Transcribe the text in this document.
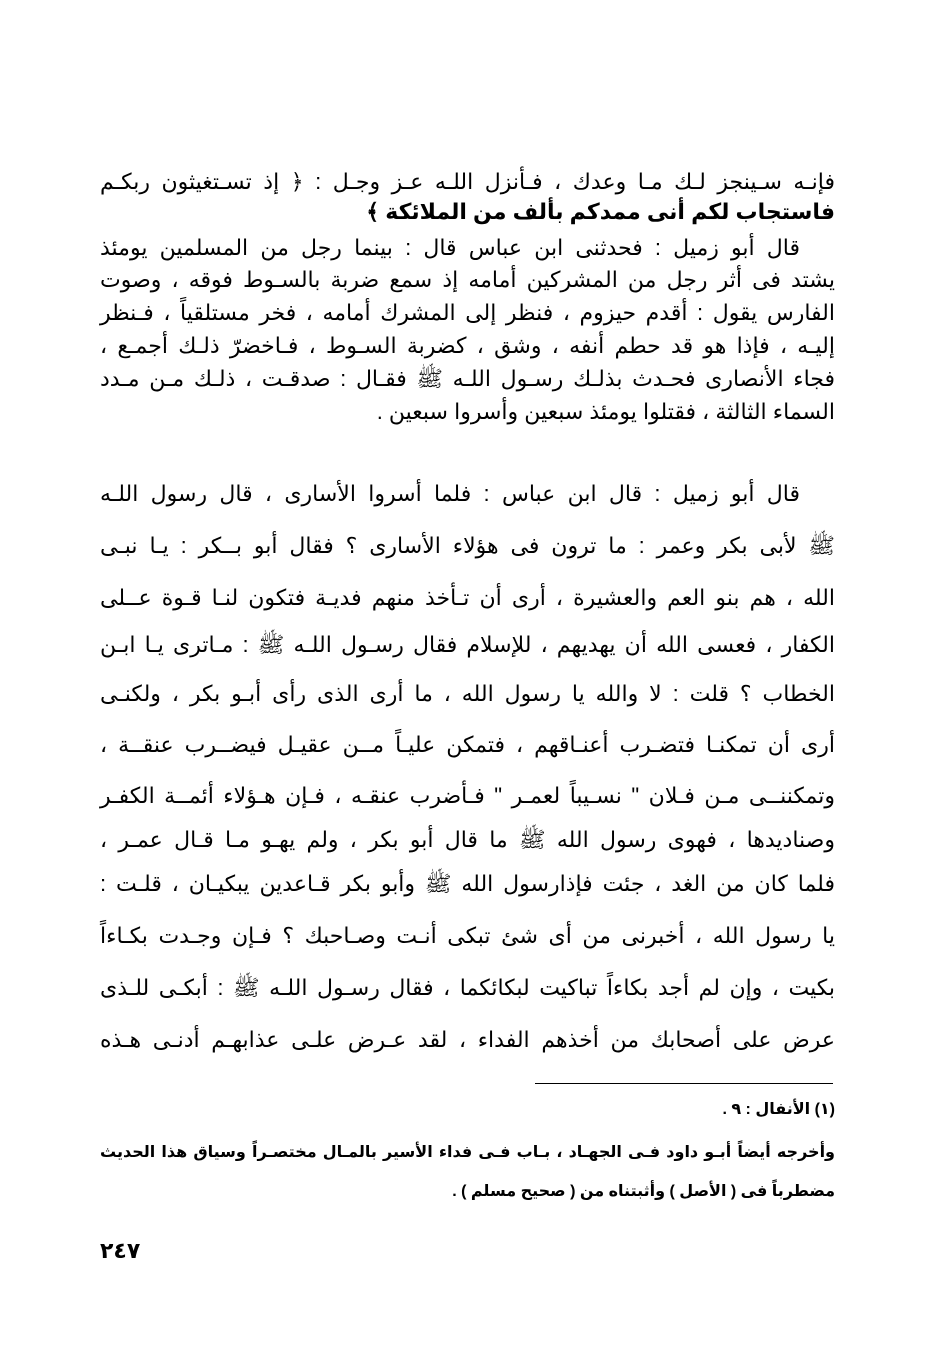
فإنـه سـينجز لـك مـا وعدك ، فـأنزل اللـه عـز وجـل : ﴿ إذ تسـتغيثون ربكـم
فاستجاب لكم أنى ممدكم بألف من الملائكة ﴾
قال أبو زميل : فحدثنى ابن عباس قال : بينما رجل من المسلمين يومئذ
يشتد فى أثر رجل من المشركين أمامه إذ سمع ضربة بالسـوط فوقه ، وصوت
الفارس يقول : أقدم حيزوم ، فنظر إلى المشرك أمامه ، فخر مستلقياً ، فـنظر
إليـه ، فإذا هو قد حطم أنفه ، وشق ، كضربة السـوط ، فـاخضرّ ذلـك أجمـع ،
فجاء الأنصارى فحـدث بذلـك رسـول اللـه ﷺ فقـال : صدقـت ، ذلـك مـن مـدد
السماء الثالثة ، فقتلوا يومئذ سبعين وأسروا سبعين .
قال أبو زميل : قال ابن عباس : فلما أسروا الأسارى ، قال رسول اللـه
ﷺ لأبى بكر وعمر : ما ترون فى هؤلاء الأسارى ؟ فقال أبو بــكر : يـا نبـى
الله ، هم بنو العم والعشيرة ، أرى أن تـأخذ منهم فديـة فتكون لنـا قـوة عــلى
الكفار ، فعسى الله أن يهديهم ، للإسلام فقال رسـول اللـه ﷺ : مـاترى يـا ابـن
الخطاب ؟ قلت : لا والله يا رسول الله ، ما أرى الذى رأى أبـو بكر ، ولكنـى
أرى أن تمكنـا فتضـرب أعنـاقهم ، فتمكن عليـاً مــن عقيـل فيضــرب عنقــة ،
وتمكننــى مـن فـلان " نسـيباً لعمـر " فـأضرب عنقـه ، فـإن هـؤلاء أئمــة الكفـر
وصناديدها ، فهوى رسول الله ﷺ ما قال أبو بكر ، ولم يهـو مـا قـال عمـر ،
فلما كان من الغد ، جئت فإذارسول الله ﷺ وأبو بكر قـاعدين يبكيـان ، قلـت :
يا رسول الله ، أخبرنى من أى شئ تبكى أنـت وصـاحبك ؟ فـإن وجـدت بكـاءاً
بكيت ، وإن لم أجد بكاءاً تباكيت لبكائكما ، فقال رسـول اللـه ﷺ : أبكـى للـذى
عرض على أصحابك من أخذهم الفداء ، لقد عـرض علـى عذابهـم أدنـى هـذه
(١) الأنفال : ٩ .
وأخرجه أيضاً أبـو داود فـى الجهـاد ، بـاب فـى فداء الأسير بالمـال مختصـراً وسياق هذا الحديث
مضطرباً فى ( الأصل ) وأثبتناه من ( صحيح مسلم ) .
٢٤٧
